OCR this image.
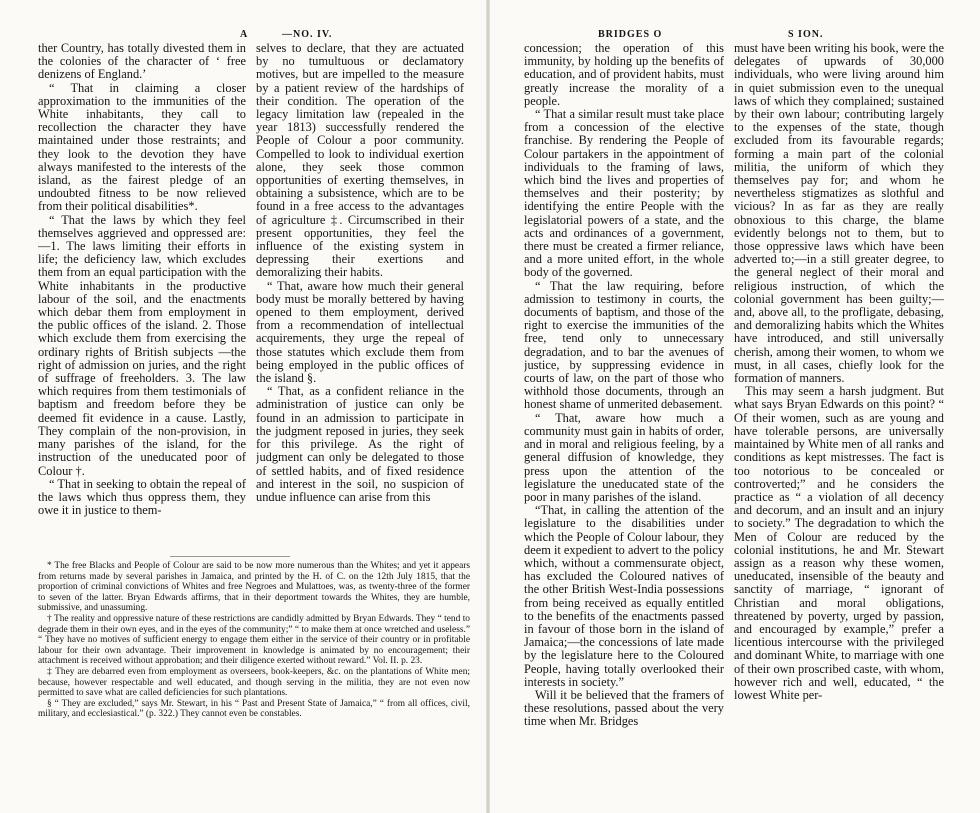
A	—NO. IV.

ther Country, has totally divested them in the colonies of the character of ‘ free denizens of England.’

“ That in claiming a closer approximation to the immunities of the White inhabitants, they call to recollection the character they have maintained under those restraints; and they look to the devotion they have always manifested to the interests of the island, as the fairest pledge of an undoubted fitness to be now relieved from their political disabilities*.

“ That the laws by which they feel themselves aggrieved and oppressed are:—1. The laws limiting their efforts in life; the deficiency law, which excludes them from an equal participation with the White inhabitants in the productive labour of the soil, and the enactments which debar them from employment in the public offices of the island. 2. Those which exclude them from exercising the ordinary rights of British subjects —the right of admission on juries, and the right of suffrage of freeholders. 3. The law which requires from them testimonials of baptism and freedom before they be deemed fit evidence in a cause. Lastly, They complain of the non-provision, in many parishes of the island, for the instruction of the uneducated poor of Colour †.

“ That in seeking to obtain the repeal of the laws which thus oppress them, they owe it in justice to them-

selves to declare, that they are actuated by no tumultuous or declamatory motives, but are impelled to the measure by a patient review of the hardships of their condition. The operation of the legacy limitation law (repealed in the year 1813) successfully rendered the People of Colour a poor community. Compelled to look to individual exertion alone, they seek those common opportunities of exerting themselves, in obtaining a subsistence, which are to be found in a free access to the advantages of agriculture ‡. Circumscribed in their present opportunities, they feel the influence of the existing system in depressing their exertions and demoralizing their habits.

“ That, aware how much their general body must be morally bettered by having opened to them employment, derived from a recommendation of intellectual acquirements, they urge the repeal of those statutes which exclude them from being employed in the public offices of the island §.

“ That, as a confident reliance in the administration of justice can only be found in an admission to participate in the judgment reposed in juries, they seek for this privilege. As the right of judgment can only be delegated to those of settled habits, and of fixed residence and interest in the soil, no suspicion of undue influence can arise from this

* The free Blacks and People of Colour are said to be now more numerous than the Whites; and yet it appears from returns made by several parishes in Jamaica, and printed by the H. of C. on the 12th July 1815, that the proportion of criminal convictions of Whites and free Negroes and Mulattoes, was, as twenty-three of the former to seven of the latter. Bryan Edwards affirms, that in their deportment towards the Whites, they are humble, submissive, and unassuming.

† The reality and oppressive nature of these restrictions are candidly admitted by Bryan Edwards. They “ tend to degrade them in their own eyes, and in the eyes of the community;” “ to make them at once wretched and useless.” “ They have no motives of sufficient energy to engage them either in the service of their country or in profitable labour for their own advantage. Their improvement in knowledge is animated by no encouragement; their attachment is received without approbation; and their diligence exerted without reward.” Vol. II. p. 23.

‡ They are debarred even from employment as overseers, book-keepers, &c. on the plantations of White men; because, however respectable and well educated, and though serving in the militia, they are not even now permitted to save what are called deficiencies for such plantations.

§ “ They are excluded,” says Mr. Stewart, in his “ Past and Present State of Jamaica,” “ from all offices, civil, military, and ecclesiastical.” (p. 322.) They cannot even be constables.

BRIDGES O	S ION.

concession; the operation of this immunity, by holding up the benefits of education, and of provident habits, must greatly increase the morality of a people.

“ That a similar result must take place from a concession of the elective franchise. By rendering the People of Colour partakers in the appointment of individuals to the framing of laws, which bind the lives and properties of themselves and their posterity; by identifying the entire People with the legislatorial powers of a state, and the acts and ordinances of a government, there must be created a firmer reliance, and a more united effort, in the whole body of the governed.

“ That the law requiring, before admission to testimony in courts, the documents of baptism, and those of the right to exercise the immunities of the free, tend only to unnecessary degradation, and to bar the avenues of justice, by suppressing evidence in courts of law, on the part of those who withhold those documents, through an honest shame of unmerited debasement.

“ That, aware how much a community must gain in habits of order, and in moral and religious feeling, by a general diffusion of knowledge, they press upon the attention of the legislature the uneducated state of the poor in many parishes of the island.

“That, in calling the attention of the legislature to the disabilities under which the People of Colour labour, they deem it expedient to advert to the policy which, without a commensurate object, has excluded the Coloured natives of the other British West-India possessions from being received as equally entitled to the benefits of the enactments passed in favour of those born in the island of Jamaica;—the concessions of late made by the legislature here to the Coloured People, having totally overlooked their interests in society.”

Will it be believed that the framers of these resolutions, passed about the very time when Mr. Bridges

must have been writing his book, were the delegates of upwards of 30,000 individuals, who were living around him in quiet submission even to the unequal laws of which they complained; sustained by their own labour; contributing largely to the expenses of the state, though excluded from its favourable regards; forming a main part of the colonial militia, the uniform of which they themselves pay for; and whom he nevertheless stigmatizes as slothful and vicious? In as far as they are really obnoxious to this charge, the blame evidently belongs not to them, but to those oppressive laws which have been adverted to;—in a still greater degree, to the general neglect of their moral and religious instruction, of which the colonial government has been guilty;—and, above all, to the profligate, debasing, and demoralizing habits which the Whites have introduced, and still universally cherish, among their women, to whom we must, in all cases, chiefly look for the formation of manners.

This may seem a harsh judgment. But what says Bryan Edwards on this point? “ Of their women, such as are young and have tolerable persons, are universally maintained by White men of all ranks and conditions as kept mistresses. The fact is too notorious to be concealed or controverted;” and he considers the practice as “ a violation of all decency and decorum, and an insult and an injury to society.” The degradation to which the Men of Colour are reduced by the colonial institutions, he and Mr. Stewart assign as a reason why these women, uneducated, insensible of the beauty and sanctity of marriage, “ ignorant of Christian and moral obligations, threatened by poverty, urged by passion, and encouraged by example,” prefer a licentious intercourse with the privileged and dominant White, to marriage with one of their own proscribed caste, with whom, however rich and well, educated, “ the lowest White per-
